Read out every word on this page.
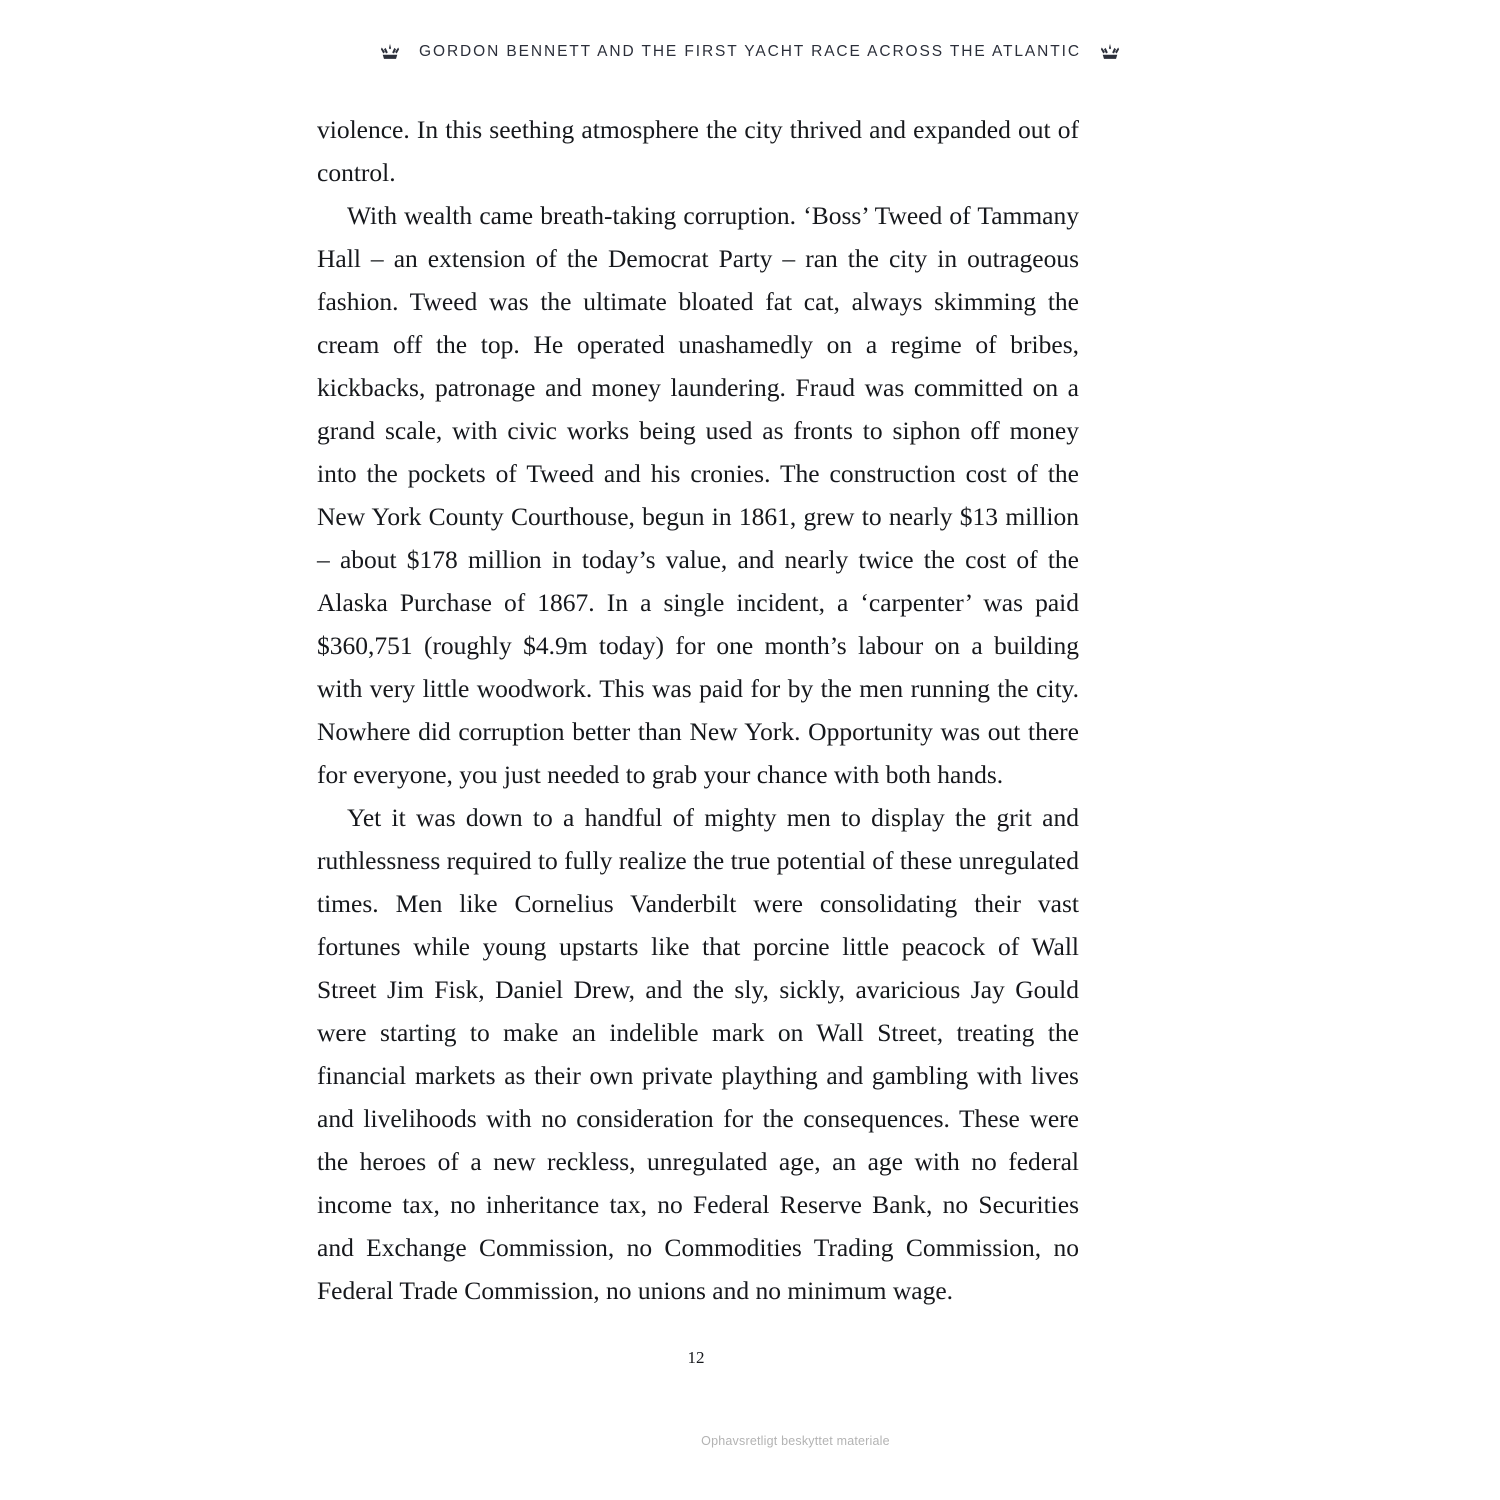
GORDON BENNETT AND THE FIRST YACHT RACE ACROSS THE ATLANTIC

violence. In this seething atmosphere the city thrived and expanded out of control.

With wealth came breath-taking corruption. ‘Boss’ Tweed of Tammany Hall – an extension of the Democrat Party – ran the city in outrageous fashion. Tweed was the ultimate bloated fat cat, always skimming the cream off the top. He operated unashamedly on a regime of bribes, kickbacks, patronage and money laundering. Fraud was committed on a grand scale, with civic works being used as fronts to siphon off money into the pockets of Tweed and his cronies. The construction cost of the New York County Courthouse, begun in 1861, grew to nearly $13 million – about $178 million in today’s value, and nearly twice the cost of the Alaska Purchase of 1867. In a single incident, a ‘carpenter’ was paid $360,751 (roughly $4.9m today) for one month’s labour on a building with very little woodwork. This was paid for by the men running the city. Nowhere did corruption better than New York. Opportunity was out there for everyone, you just needed to grab your chance with both hands.

Yet it was down to a handful of mighty men to display the grit and ruthlessness required to fully realize the true potential of these unregulated times. Men like Cornelius Vanderbilt were consolidating their vast fortunes while young upstarts like that porcine little peacock of Wall Street Jim Fisk, Daniel Drew, and the sly, sickly, avaricious Jay Gould were starting to make an indelible mark on Wall Street, treating the financial markets as their own private plaything and gambling with lives and livelihoods with no consideration for the consequences. These were the heroes of a new reckless, unregulated age, an age with no federal income tax, no inheritance tax, no Federal Reserve Bank, no Securities and Exchange Commission, no Commodities Trading Commission, no Federal Trade Commission, no unions and no minimum wage.

12
Ophavsretligt beskyttet materiale
